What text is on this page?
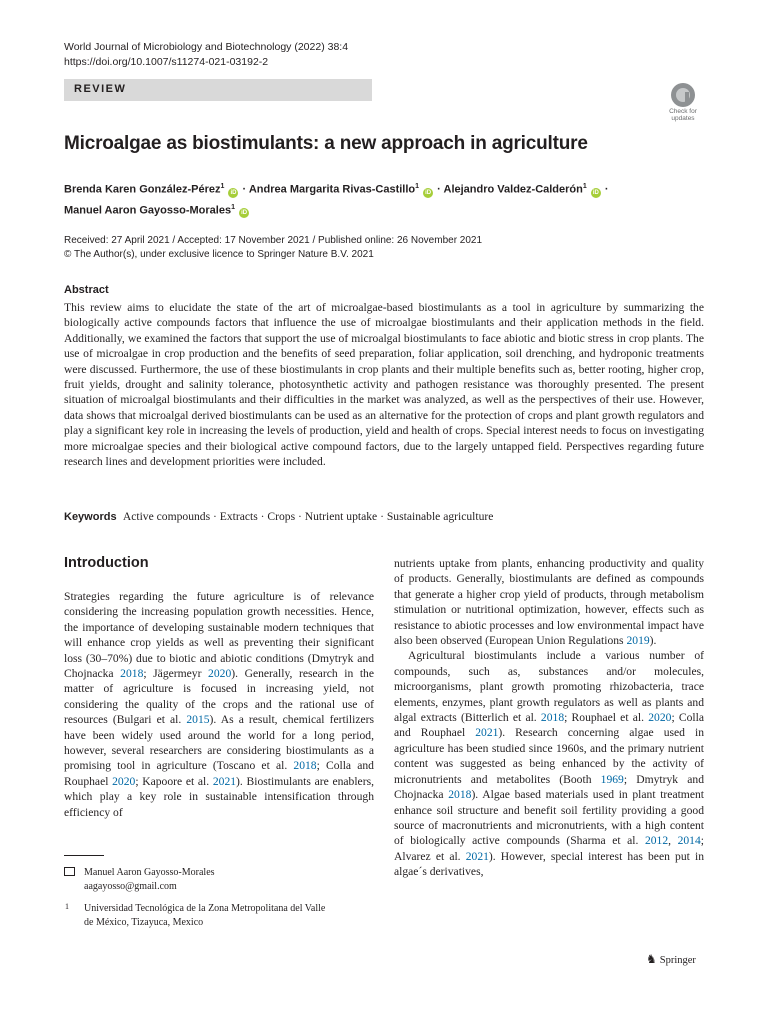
World Journal of Microbiology and Biotechnology (2022) 38:4
https://doi.org/10.1007/s11274-021-03192-2
REVIEW
Check for
updates
Microalgae as biostimulants: a new approach in agriculture
Brenda Karen González-Pérez$^1$ iD · Andrea Margarita Rivas-Castillo$^1$ iD · Alejandro Valdez-Calderón$^1$ iD ·
Manuel Aaron Gayosso-Morales$^1$ iD
Received: 27 April 2021 / Accepted: 17 November 2021 / Published online: 26 November 2021
© The Author(s), under exclusive licence to Springer Nature B.V. 2021
Abstract
This review aims to elucidate the state of the art of microalgae-based biostimulants as a tool in agriculture by summarizing the biologically active compounds factors that influence the use of microalgae biostimulants and their application methods in the field. Additionally, we examined the factors that support the use of microalgal biostimulants to face abiotic and biotic stress in crop plants. The use of microalgae in crop production and the benefits of seed preparation, foliar application, soil drenching, and hydroponic treatments were discussed. Furthermore, the use of these biostimulants in crop plants and their multiple benefits such as, better rooting, higher crop, fruit yields, drought and salinity tolerance, photosynthetic activity and pathogen resistance was thoroughly presented. The present situation of microalgal biostimulants and their difficulties in the market was analyzed, as well as the perspectives of their use. However, data shows that microalgal derived biostimulants can be used as an alternative for the protection of crops and plant growth regulators and play a significant key role in increasing the levels of production, yield and health of crops. Special interest needs to focus on investigating more microalgae species and their biological active compound factors, due to the largely untapped field. Perspectives regarding future research lines and development priorities were included.
Keywords Active compounds · Extracts · Crops · Nutrient uptake · Sustainable agriculture
Introduction

Strategies regarding the future agriculture is of relevance considering the increasing population growth necessities. Hence, the importance of developing sustainable modern techniques that will enhance crop yields as well as preventing their significant loss (30–70%) due to biotic and abiotic conditions (Dmytryk and Chojnacka 2018; Jägermeyr 2020). Generally, research in the matter of agriculture is focused in increasing yield, not considering the quality of the crops and the rational use of resources (Bulgari et al. 2015). As a result, chemical fertilizers have been widely used around the world for a long period, however, several researchers are considering biostimulants as a promising tool in agriculture (Toscano et al. 2018; Colla and Rouphael 2020; Kapoore et al. 2021). Biostimulants are enablers, which play a key role in sustainable intensification through efficiency of

nutrients uptake from plants, enhancing productivity and quality of products. Generally, biostimulants are defined as compounds that generate a higher crop yield of products, through metabolism stimulation or nutritional optimization, however, effects such as resistance to abiotic processes and low environmental impact have also been observed (European Union Regulations 2019).

Agricultural biostimulants include a various number of compounds, such as, substances and/or molecules, microorganisms, plant growth promoting rhizobacteria, trace elements, enzymes, plant growth regulators as well as plants and algal extracts (Bitterlich et al. 2018; Rouphael et al. 2020; Colla and Rouphael 2021). Research concerning algae used in agriculture has been studied since 1960s, and the primary nutrient content was suggested as being enhanced by the activity of micronutrients and metabolites (Booth 1969; Dmytryk and Chojnacka 2018). Algae based materials used in plant treatment enhance soil structure and benefit soil fertility providing a good source of macronutrients and micronutrients, with a high content of biologically active compounds (Sharma et al. 2012, 2014; Alvarez et al. 2021). However, special interest has been put in algae´s derivatives,

Manuel Aaron Gayosso-Morales
aagayosso@gmail.com
1 Universidad Tecnológica de la Zona Metropolitana del Valle
de México, Tizayuca, Mexico
♞ Springer
